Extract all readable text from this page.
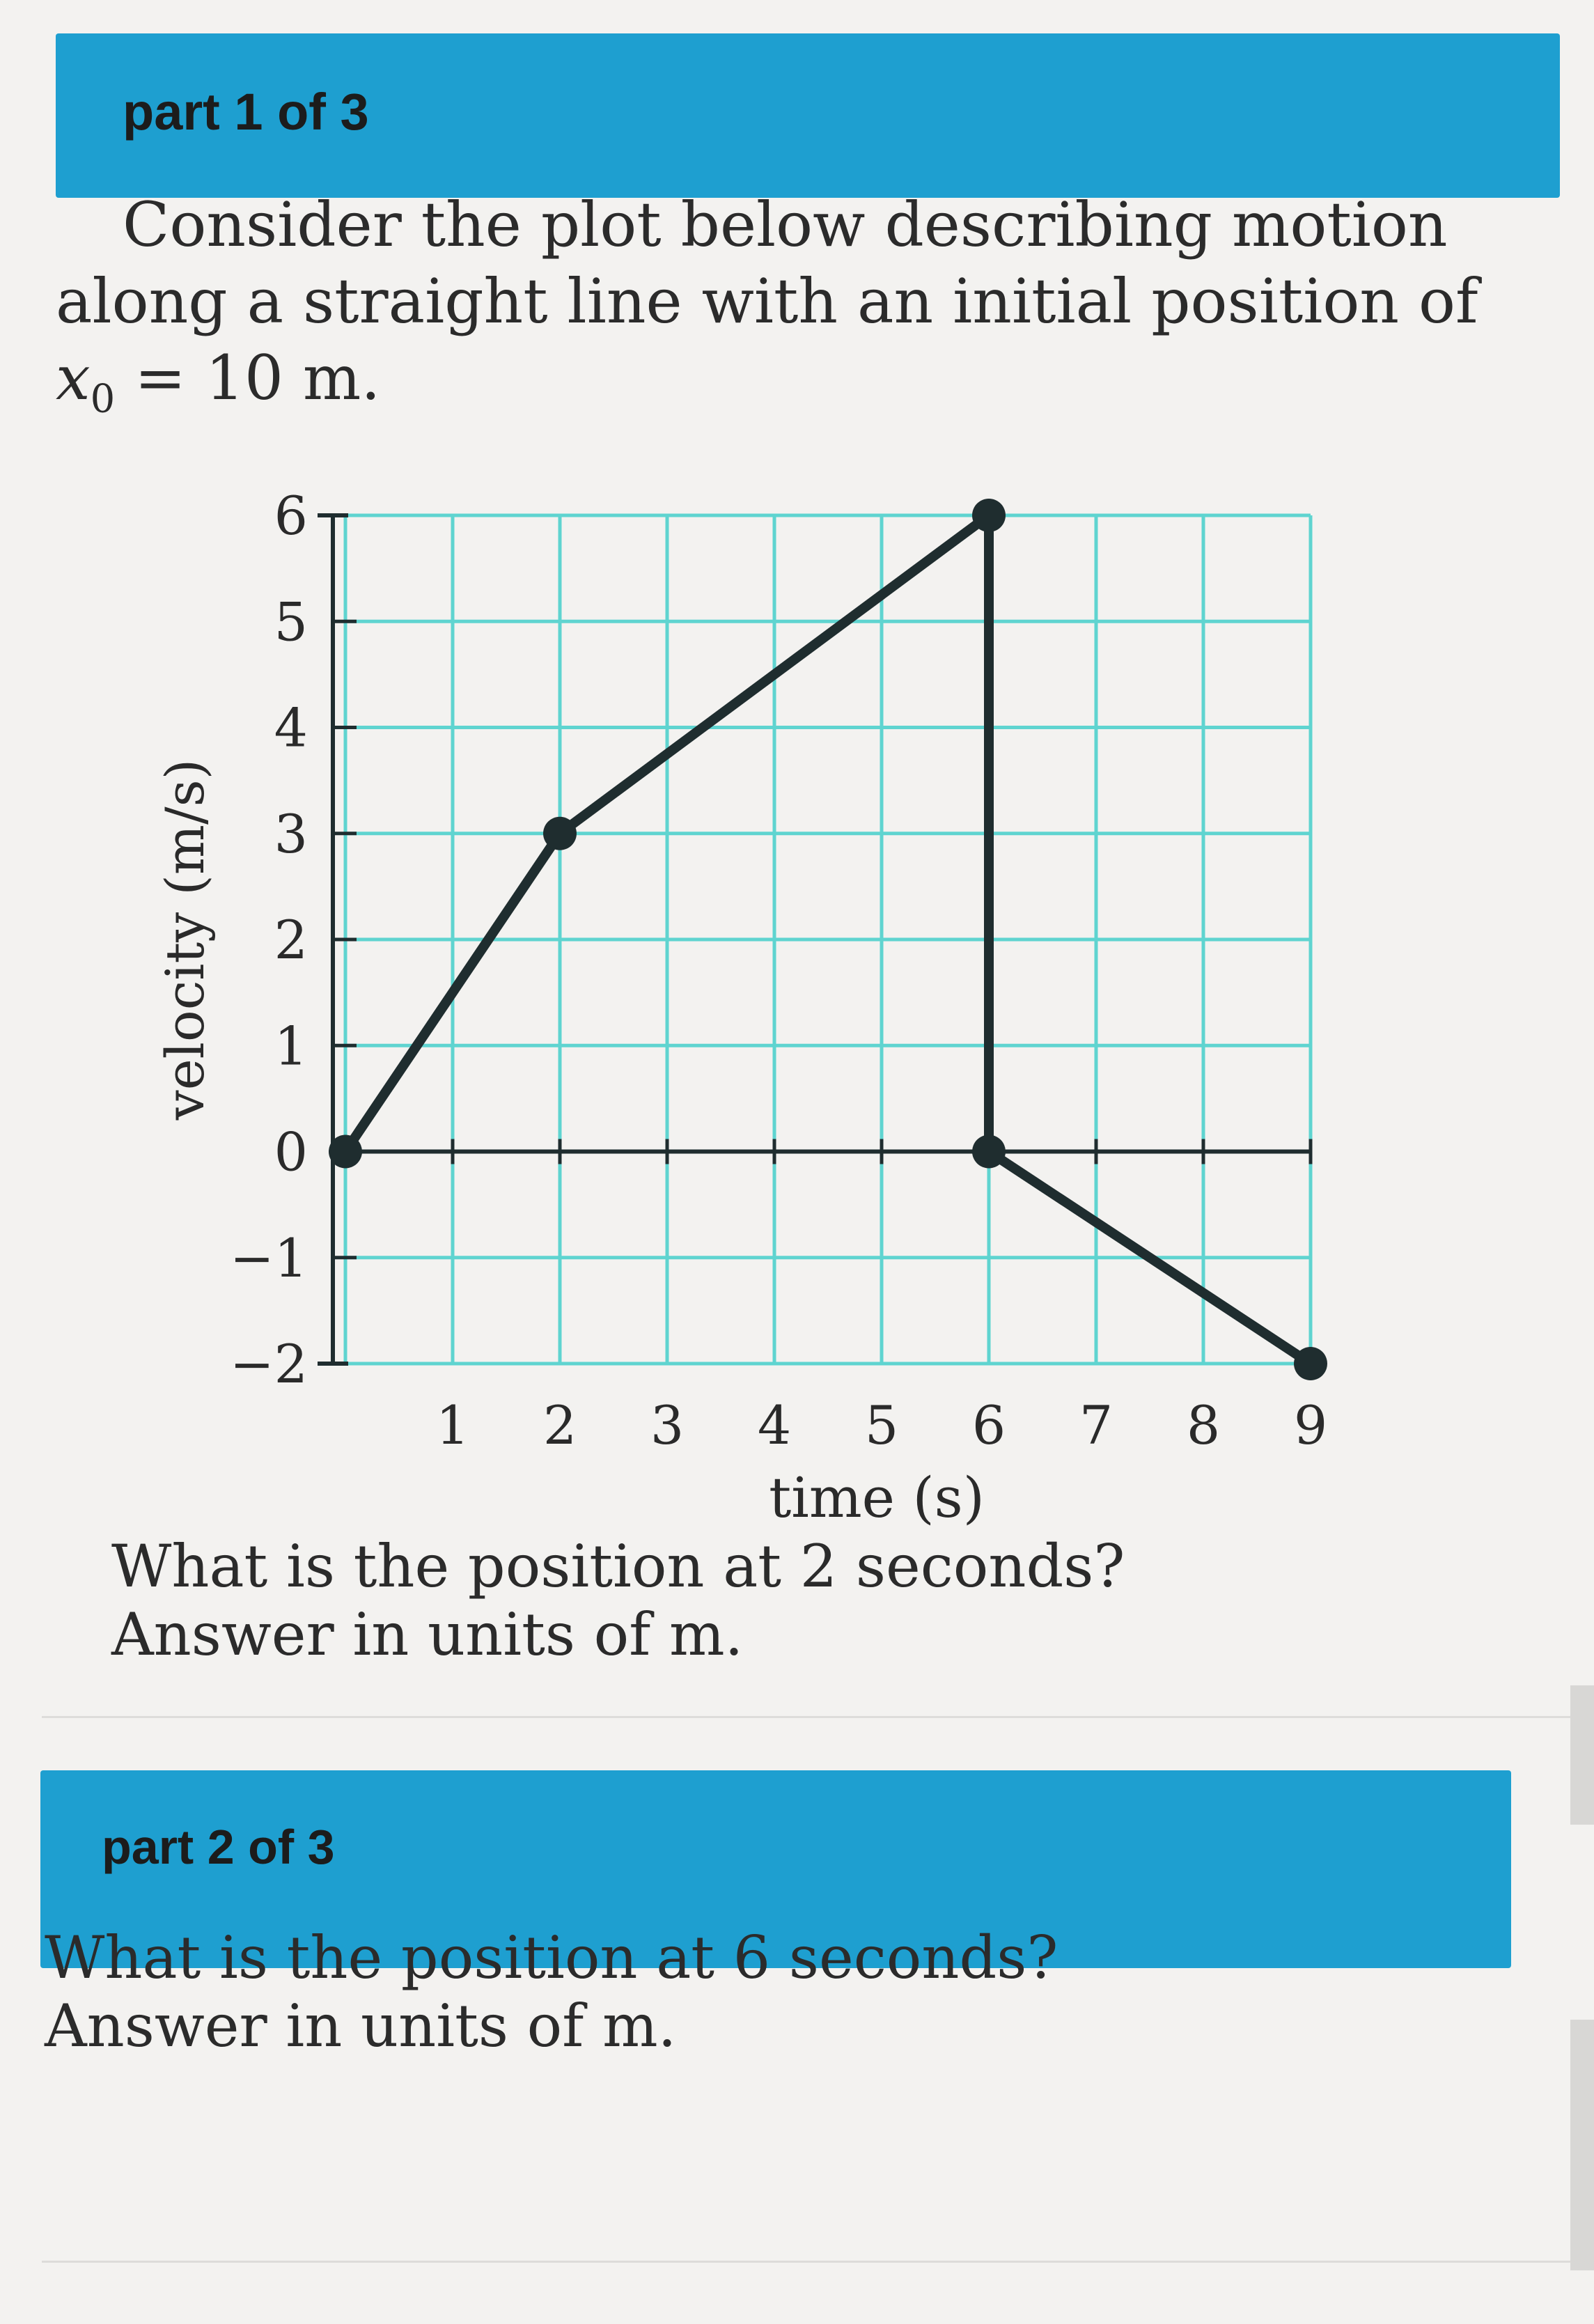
part 1 of 3
Consider the plot below describing motion
along a straight line with an initial position of
$x_0 = 10$ m.
6
5
4
3
2
1
0
−1
−2
1 2 3 4 5 6 7 8 9
time (s)
velocity (m/s)
What is the position at 2 seconds?
Answer in units of m.
part 2 of 3
What is the position at 6 seconds?
Answer in units of m.
